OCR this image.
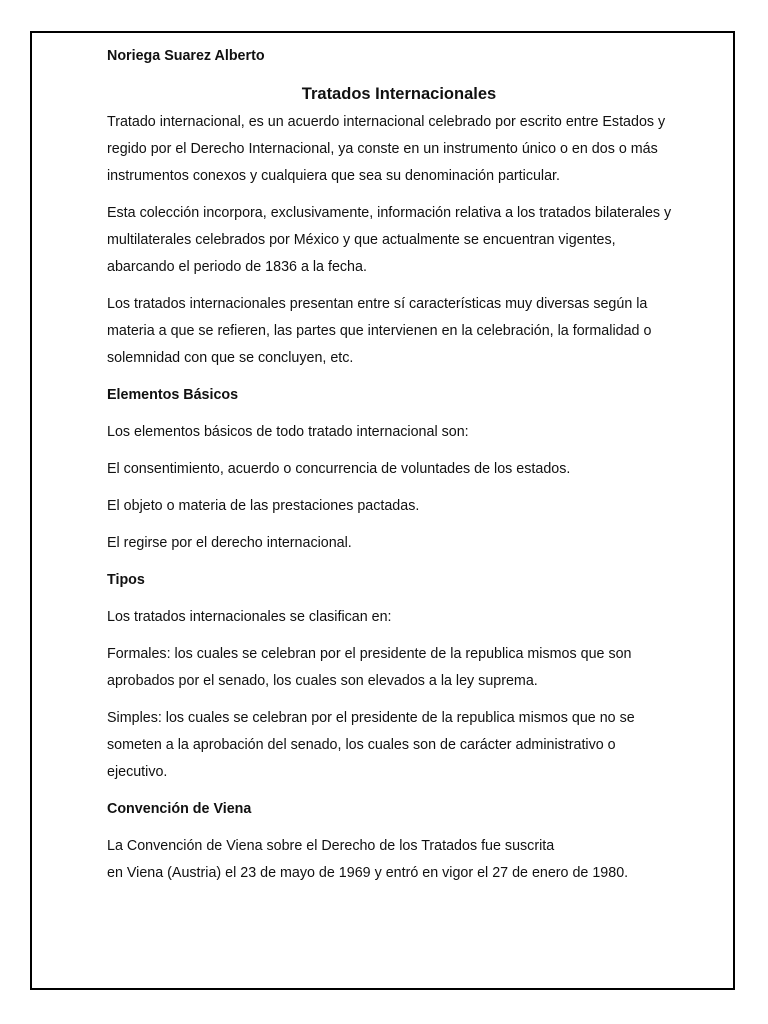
Noriega Suarez Alberto
Tratados Internacionales

Tratado internacional, es un acuerdo internacional celebrado por escrito entre Estados y regido por el Derecho Internacional, ya conste en un instrumento único o en dos o más instrumentos conexos y cualquiera que sea su denominación particular.

Esta colección incorpora, exclusivamente, información relativa a los tratados bilaterales y multilaterales celebrados por México y que actualmente se encuentran vigentes, abarcando el periodo de 1836 a la fecha.

Los tratados internacionales presentan entre sí características muy diversas según la materia a que se refieren, las partes que intervienen en la celebración, la formalidad o solemnidad con que se concluyen, etc.

Elementos Básicos

Los elementos básicos de todo tratado internacional son:

El consentimiento, acuerdo o concurrencia de voluntades de los estados.

El objeto o materia de las prestaciones pactadas.

El regirse por el derecho internacional.

Tipos

Los tratados internacionales se clasifican en:

Formales: los cuales se celebran por el presidente de la republica mismos que son aprobados por el senado, los cuales son elevados a la ley suprema.

Simples: los cuales se celebran por el presidente de la republica mismos que no se someten a la aprobación del senado, los cuales son de carácter administrativo o ejecutivo.

Convención de Viena

La Convención de Viena sobre el Derecho de los Tratados fue suscrita
en Viena (Austria) el 23 de mayo de 1969 y entró en vigor el 27 de enero de 1980.
